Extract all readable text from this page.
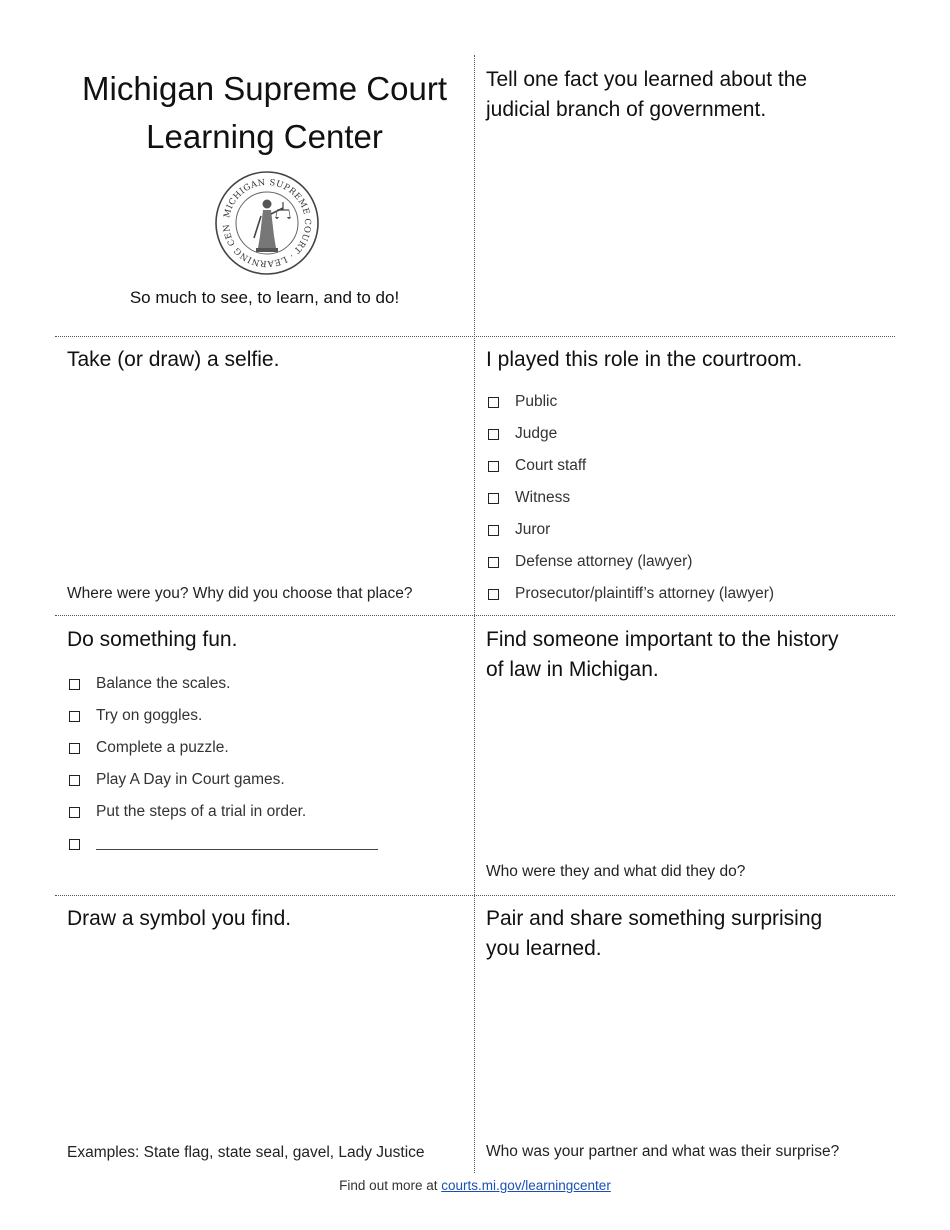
Michigan Supreme Court
Learning Center
MICHIGAN SUPREME COURT · LEARNING CEN
So much to see, to learn, and to do!
Tell one fact you learned about the
judicial branch of government.
Take (or draw) a selfie.
Where were you? Why did you choose that place?
I played this role in the courtroom.
Public
Judge
Court staff
Witness
Juror
Defense attorney (lawyer)
Prosecutor/plaintiff’s attorney (lawyer)
Do something fun.
Balance the scales.
Try on goggles.
Complete a puzzle.
Play A Day in Court games.
Put the steps of a trial in order.
Find someone important to the history
of law in Michigan.
Who were they and what did they do?
Draw a symbol you find.
Examples: State flag, state seal, gavel, Lady Justice
Pair and share something surprising
you learned.
Who was your partner and what was their surprise?
Find out more at courts.mi.gov/learningcenter
